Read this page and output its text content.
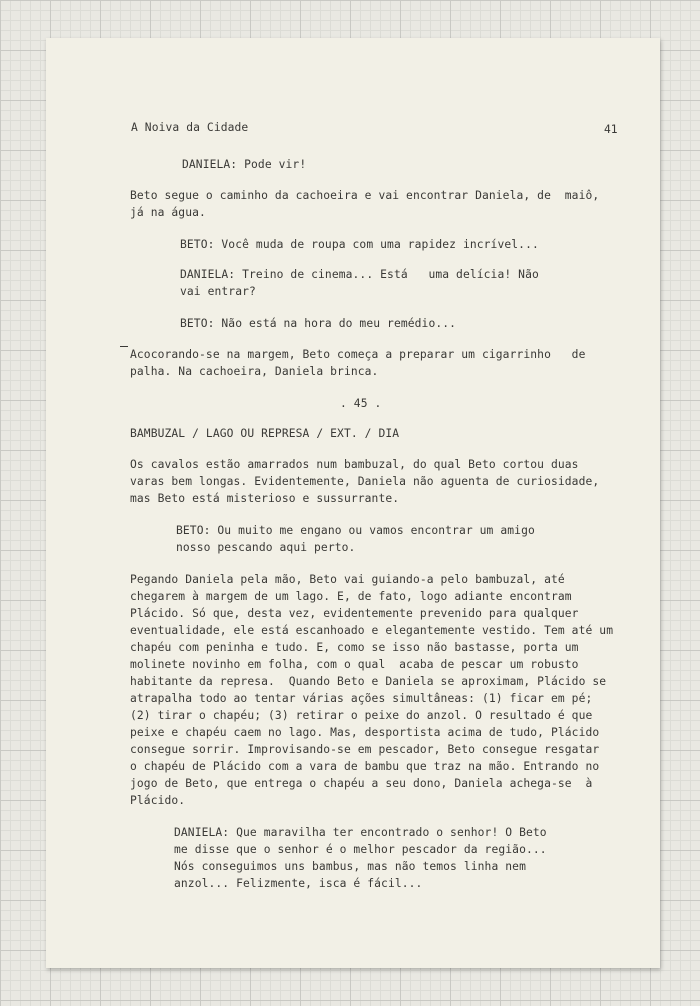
A Noiva da Cidade	41
DANIELA: Pode vir!
Beto segue o caminho da cachoeira e vai encontrar Daniela, de  maiô,
já na água.
BETO: Você muda de roupa com uma rapidez incrível...
DANIELA: Treino de cinema... Está   uma delícia! Não
vai entrar?
BETO: Não está na hora do meu remédio...
Acocorando-se na margem, Beto começa a preparar um cigarrinho   de
palha. Na cachoeira, Daniela brinca.
. 45 .
BAMBUZAL / LAGO OU REPRESA / EXT. / DIA
Os cavalos estão amarrados num bambuzal, do qual Beto cortou duas
varas bem longas. Evidentemente, Daniela não aguenta de curiosidade,
mas Beto está misterioso e sussurrante.
BETO: Ou muito me engano ou vamos encontrar um amigo
nosso pescando aqui perto.
Pegando Daniela pela mão, Beto vai guiando-a pelo bambuzal, até
chegarem à margem de um lago. E, de fato, logo adiante encontram
Plácido. Só que, desta vez, evidentemente prevenido para qualquer
eventualidade, ele está escanhoado e elegantemente vestido. Tem até um
chapéu com peninha e tudo. E, como se isso não bastasse, porta um
molinete novinho em folha, com o qual  acaba de pescar um robusto
habitante da represa.  Quando Beto e Daniela se aproximam, Plácido se
atrapalha todo ao tentar várias ações simultâneas: (1) ficar em pé;
(2) tirar o chapéu; (3) retirar o peixe do anzol. O resultado é que
peixe e chapéu caem no lago. Mas, desportista acima de tudo, Plácido
consegue sorrir. Improvisando-se em pescador, Beto consegue resgatar
o chapéu de Plácido com a vara de bambu que traz na mão. Entrando no
jogo de Beto, que entrega o chapéu a seu dono, Daniela achega-se  à
Plácido.
DANIELA: Que maravilha ter encontrado o senhor! O Beto
me disse que o senhor é o melhor pescador da região...
Nós conseguimos uns bambus, mas não temos linha nem
anzol... Felizmente, isca é fácil...
